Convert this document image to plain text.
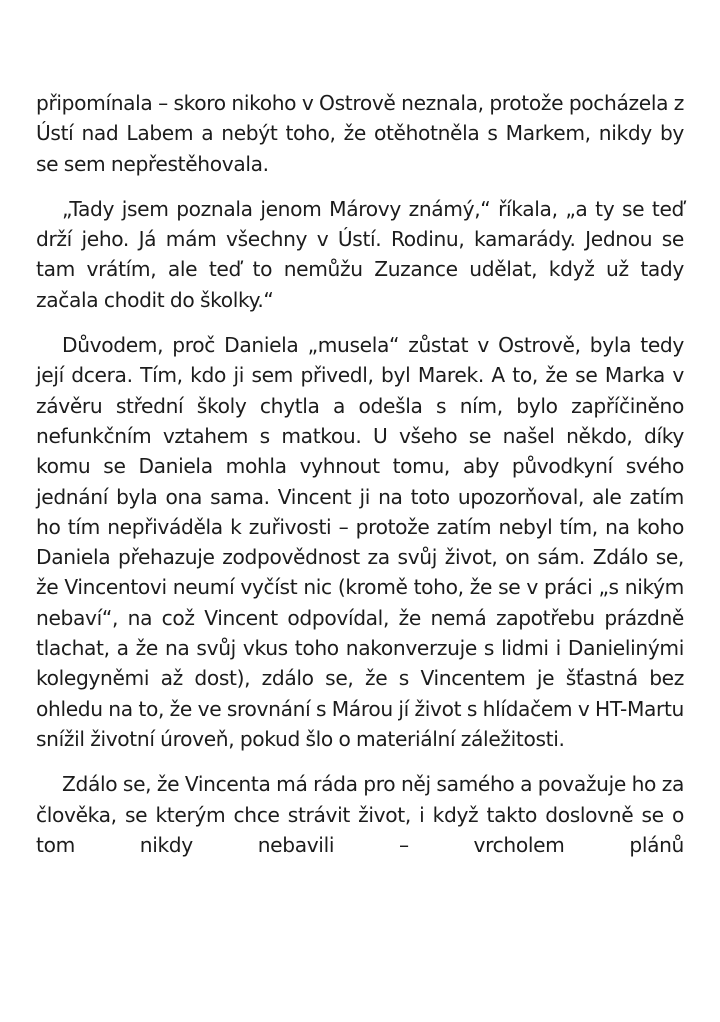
připomínala – skoro nikoho v Ostrově neznala, protože pocházela z Ústí nad Labem a nebýt toho, že otěhotněla s Markem, nikdy by se sem nepřestěhovala.

„Tady jsem poznala jenom Márovy známý,“ říkala, „a ty se teď drží jeho. Já mám všechny v Ústí. Rodinu, kamarády. Jednou se tam vrátím, ale teď to nemůžu Zuzance udělat, když už tady začala chodit do školky.“

Důvodem, proč Daniela „musela“ zůstat v Ostrově, byla tedy její dcera. Tím, kdo ji sem přivedl, byl Marek. A to, že se Marka v závěru střední školy chytla a odešla s ním, bylo zapříčiněno nefunkčním vztahem s matkou. U všeho se našel někdo, díky komu se Daniela mohla vyhnout tomu, aby původkyní svého jednání byla ona sama. Vincent ji na toto upozorňoval, ale zatím ho tím nepřiváděla k zuřivosti – protože zatím nebyl tím, na koho Daniela přehazuje zodpovědnost za svůj život, on sám. Zdálo se, že Vincentovi neumí vyčíst nic (kromě toho, že se v práci „s nikým nebaví“, na což Vincent odpovídal, že nemá zapotřebu prázdně tlachat, a že na svůj vkus toho nakonverzuje s lidmi i Danielinými kolegyněmi až dost), zdálo se, že s Vincentem je šťastná bez ohledu na to, že ve srovnání s Márou jí život s hlídačem v HT-Martu snížil životní úroveň, pokud šlo o materiální záležitosti.

Zdálo se, že Vincenta má ráda pro něj samého a považuje ho za člověka, se kterým chce strávit život, i když takto doslovně se o tom nikdy nebavili – vrcholem plánů
